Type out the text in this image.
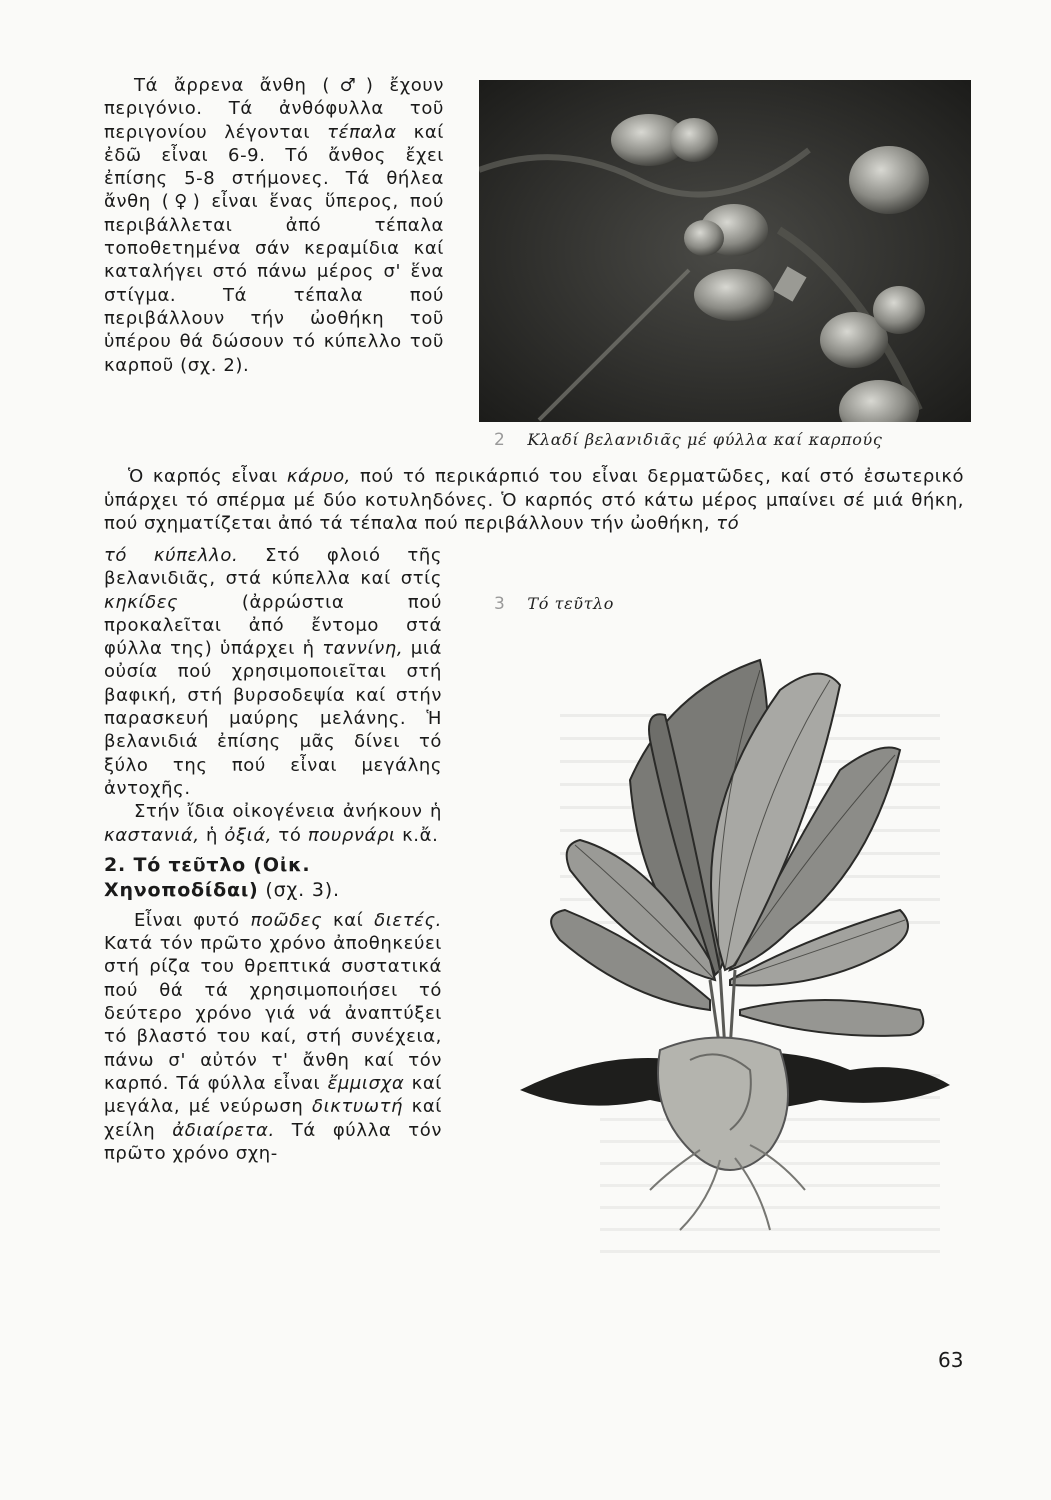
Τά ἄρρενα ἄνθη (♂) ἔχουν περιγόνιο. Τά ἀνθόφυλλα τοῦ περιγονίου λέγονται τέπαλα καί ἐδῶ εἶναι 6-9. Τό ἄνθος ἔχει ἐπίσης 5-8 στήμονες. Τά θήλεα ἄνθη (♀) εἶναι ἕνας ὕπερος, πού περιβάλλεται ἀπό τέπαλα τοποθετημένα σάν κεραμίδια καί καταλήγει στό πάνω μέρος σ' ἕνα στίγμα. Τά τέπαλα πού περιβάλλουν τήν ὠοθήκη τοῦ ὑπέρου θά δώσουν τό κύπελλο τοῦ καρποῦ (σχ. 2).

2 Κλαδί βελανιδιᾶς μέ φύλλα καί καρπούς

Ὁ καρπός εἶναι κάρυο, πού τό περικάρπιό του εἶναι δερματῶδες, καί στό ἐσωτερικό ὑπάρχει τό σπέρμα μέ δύο κοτυληδόνες. Ὁ καρπός στό κάτω μέρος μπαίνει σέ μιά θήκη, πού σχηματίζεται ἀπό τά τέπαλα πού περιβάλλουν τήν ὠοθήκη, τό

3 Τό τεῦτλο

τό κύπελλο. Στό φλοιό τῆς βελανιδιᾶς, στά κύπελλα καί στίς κηκίδες (ἀρρώστια πού προκαλεῖται ἀπό ἔντομο στά φύλλα της) ὑπάρχει ἡ ταννίνη, μιά οὐσία πού χρησιμοποιεῖται στή βαφική, στή βυρσοδεψία καί στήν παρασκευή μαύρης μελάνης. Ἡ βελανιδιά ἐπίσης μᾶς δίνει τό ξύλο της πού εἶναι μεγάλης ἀντοχῆς.

Στήν ἴδια οἰκογένεια ἀνήκουν ἡ καστανιά, ἡ ὀξιά, τό πουρνάρι κ.ἄ.

2. Τό τεῦτλο (Οἰκ. Χηνοποδίδαι) (σχ. 3).

Εἶναι φυτό ποῶδες καί διετές. Κατά τόν πρῶτο χρόνο ἀποθηκεύει στή ρίζα του θρεπτικά συστατικά πού θά τά χρησιμοποιήσει τό δεύτερο χρόνο γιά νά ἀναπτύξει τό βλαστό του καί, στή συνέχεια, πάνω σ' αὐτόν τ' ἄνθη καί τόν καρπό. Τά φύλλα εἶναι ἔμμισχα καί μεγάλα, μέ νεύρωση δικτυωτή καί χείλη ἀδιαίρετα. Τά φύλλα τόν πρῶτο χρόνο σχη-

63
